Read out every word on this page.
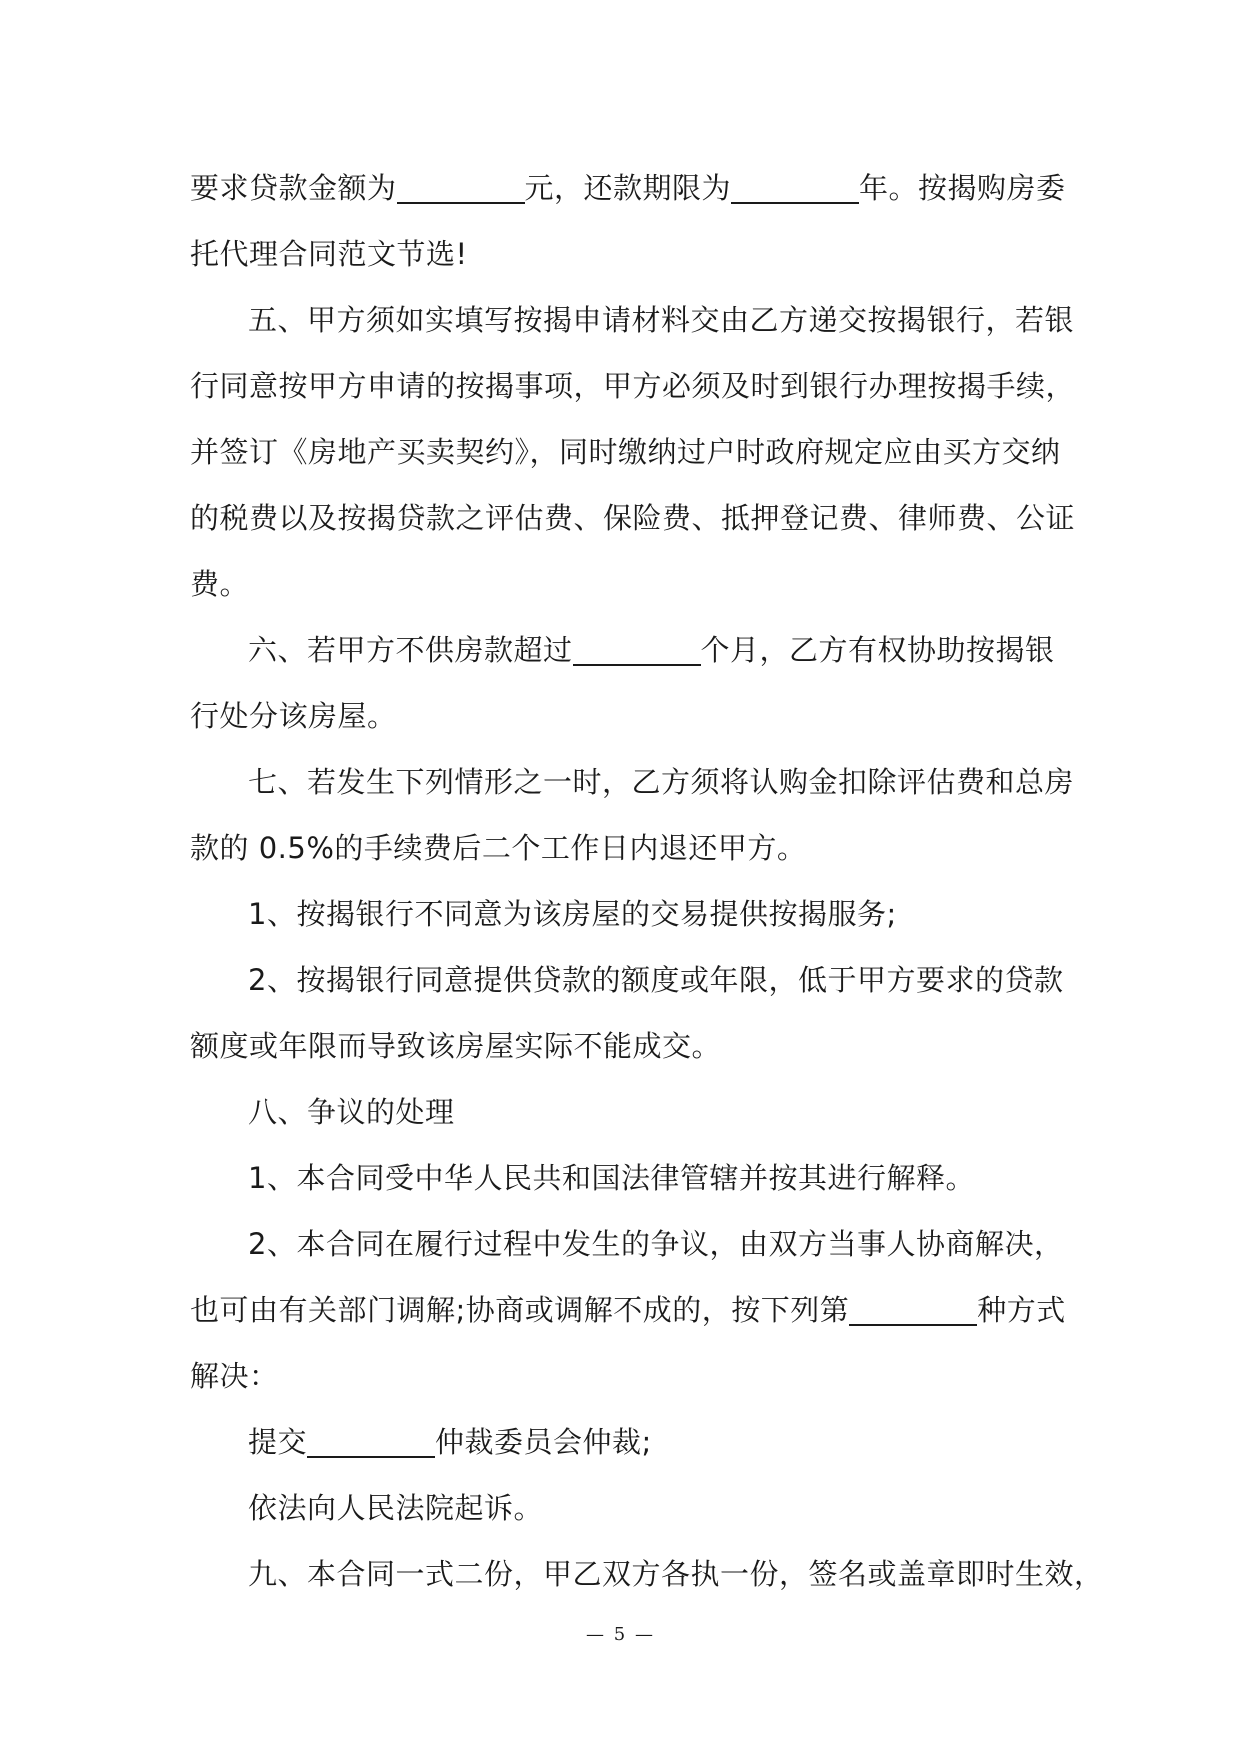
要求贷款金额为	元，还款期限为	年。按揭购房委
托代理合同范文节选!
五、甲方须如实填写按揭申请材料交由乙方递交按揭银行，若银
行同意按甲方申请的按揭事项，甲方必须及时到银行办理按揭手续，
并签订《房地产买卖契约》，同时缴纳过户时政府规定应由买方交纳
的税费以及按揭贷款之评估费、保险费、抵押登记费、律师费、公证
费。
六、若甲方不供房款超过	个月，乙方有权协助按揭银
行处分该房屋。
七、若发生下列情形之一时，乙方须将认购金扣除评估费和总房
款的 0.5%的手续费后二个工作日内退还甲方。
1、按揭银行不同意为该房屋的交易提供按揭服务;
2、按揭银行同意提供贷款的额度或年限，低于甲方要求的贷款
额度或年限而导致该房屋实际不能成交。
八、争议的处理
1、本合同受中华人民共和国法律管辖并按其进行解释。
2、本合同在履行过程中发生的争议，由双方当事人协商解决，
也可由有关部门调解;协商或调解不成的，按下列第	种方式
解决：
提交	仲裁委员会仲裁;
依法向人民法院起诉。
九、本合同一式二份，甲乙双方各执一份，签名或盖章即时生效，
— 5 —
